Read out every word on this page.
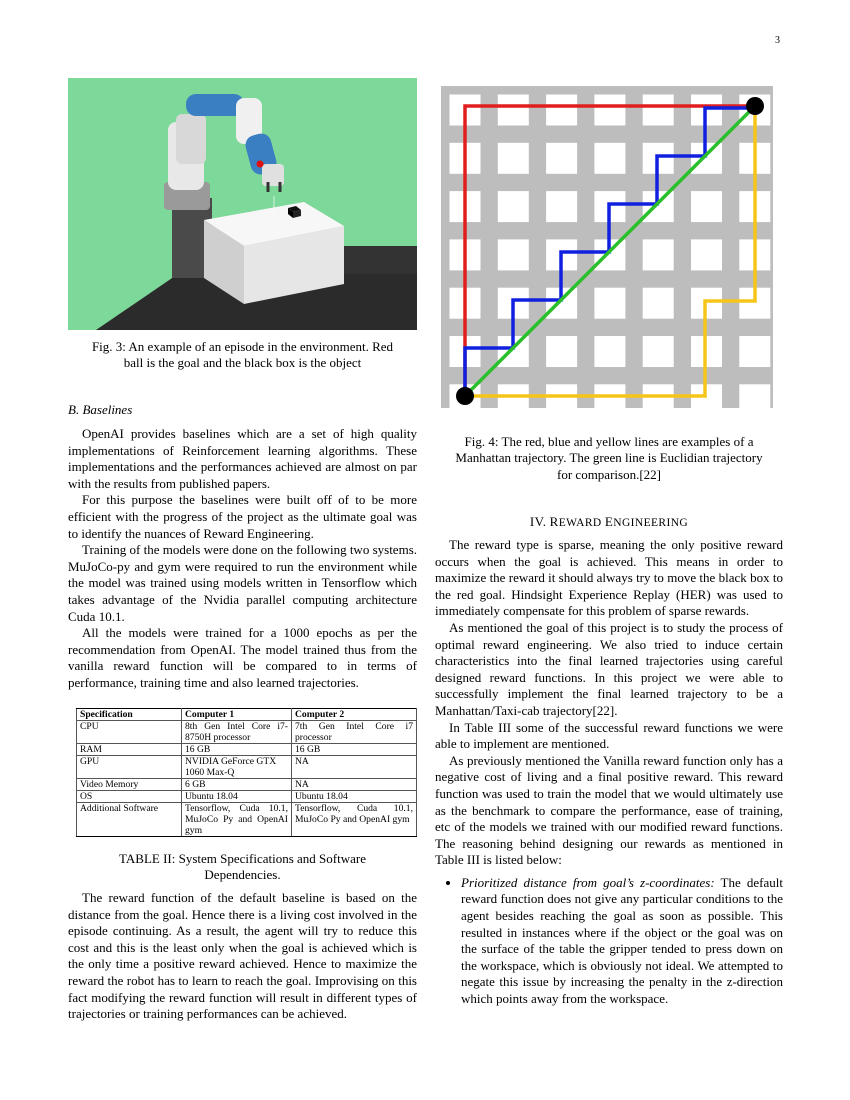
3

Fig. 3: An example of an episode in the environment. Red
ball is the goal and the black box is the object

B. Baselines

OpenAI provides baselines which are a set of high quality implementations of Reinforcement learning algorithms. These implementations and the performances achieved are almost on par with the results from published papers.

For this purpose the baselines were built off of to be more efficient with the progress of the project as the ultimate goal was to identify the nuances of Reward Engineering.

Training of the models were done on the following two systems. MuJoCo-py and gym were required to run the environment while the model was trained using models written in Tensorflow which takes advantage of the Nvidia parallel computing architecture Cuda 10.1.

All the models were trained for a 1000 epochs as per the recommendation from OpenAI. The model trained thus from the vanilla reward function will be compared to in terms of performance, training time and also learned trajectories.

Specification	Computer 1	Computer 2
CPU	8th Gen Intel Core i7-8750H processor	7th Gen Intel Core i7 processor
RAM	16 GB	16 GB
GPU	NVIDIA GeForce GTX 1060 Max-Q	NA
Video Memory	6 GB	NA
OS	Ubuntu 18.04	Ubuntu 18.04
Additional Software	Tensorflow, Cuda 10.1, MuJoCo Py and OpenAI gym	Tensorflow, Cuda 10.1, MuJoCo Py and OpenAI gym

TABLE II: System Specifications and Software
Dependencies.

The reward function of the default baseline is based on the distance from the goal. Hence there is a living cost involved in the episode continuing. As a result, the agent will try to reduce this cost and this is the least only when the goal is achieved which is the only time a positive reward achieved. Hence to maximize the reward the robot has to learn to reach the goal. Improvising on this fact modifying the reward function will result in different types of trajectories or training performances can be achieved.

Fig. 4: The red, blue and yellow lines are examples of a
Manhattan trajectory. The green line is Euclidian trajectory
for comparison.[22]

IV. REWARD ENGINEERING

The reward type is sparse, meaning the only positive reward occurs when the goal is achieved. This means in order to maximize the reward it should always try to move the black box to the red goal. Hindsight Experience Replay (HER) was used to immediately compensate for this problem of sparse rewards.

As mentioned the goal of this project is to study the process of optimal reward engineering. We also tried to induce certain characteristics into the final learned trajectories using careful designed reward functions. In this project we were able to successfully implement the final learned trajectory to be a Manhattan/Taxi-cab trajectory[22].

In Table III some of the successful reward functions we were able to implement are mentioned.

As previously mentioned the Vanilla reward function only has a negative cost of living and a final positive reward. This reward function was used to train the model that we would ultimately use as the benchmark to compare the performance, ease of training, etc of the models we trained with our modified reward functions. The reasoning behind designing our rewards as mentioned in Table III is listed below:

• Prioritized distance from goal’s z-coordinates: The default reward function does not give any particular conditions to the agent besides reaching the goal as soon as possible. This resulted in instances where if the object or the goal was on the surface of the table the gripper tended to press down on the workspace, which is obviously not ideal. We attempted to negate this issue by increasing the penalty in the z-direction which points away from the workspace.
